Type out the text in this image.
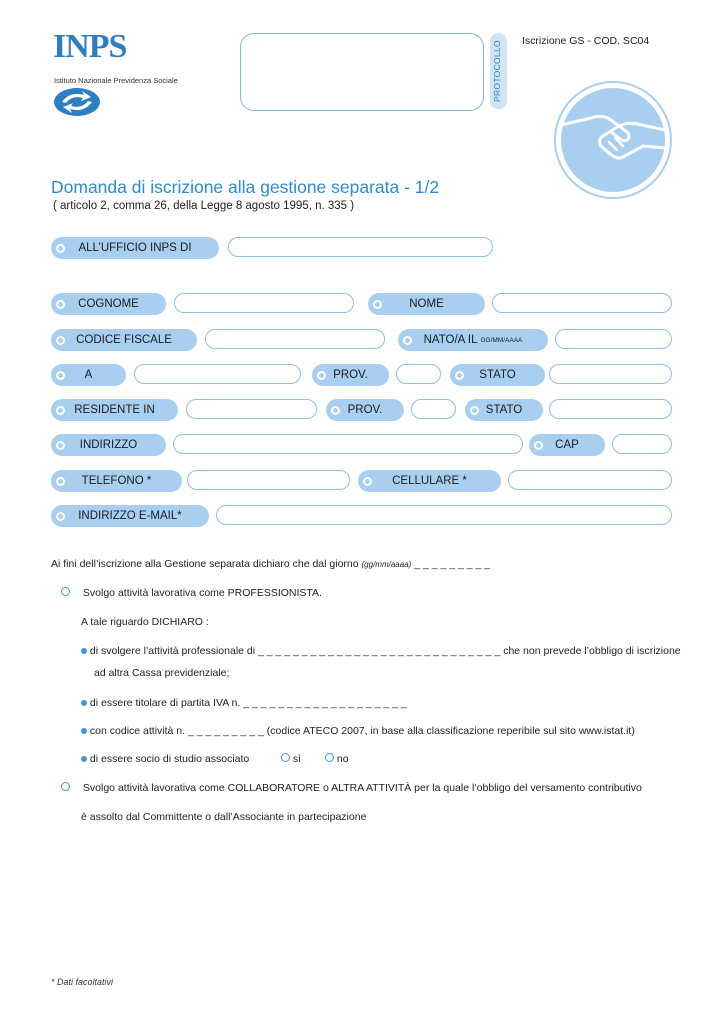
INPS
Istituto Nazionale Previdenza Sociale	PROTOCOLLO	Iscrizione GS - COD. SC04
Domanda di iscrizione alla gestione separata - 1/2
( articolo 2, comma 26, della Legge 8 agosto 1995, n. 335 )
ALL’UFFICIO INPS DI
COGNOME	NOME
CODICE FISCALE	NATO/A IL GG/MM/AAAA
A	PROV.	STATO
RESIDENTE IN	PROV.	STATO
INDIRIZZO	CAP
TELEFONO *	CELLULARE *
INDIRIZZO E-MAIL*
Ai fini dell’iscrizione alla Gestione separata dichiaro che dal giorno (gg/mm/aaaa) _ _ _ _ _ _ _ _ _
Svolgo attività lavorativa come PROFESSIONISTA.
A tale riguardo DICHIARO :
di svolgere l’attività professionale di _ _ _ _ _ _ _ _ _ _ _ _ _ _ _ _ _ _ _ _ _ _ _ _ _ _ _ _ che non prevede l’obbligo di iscrizione
ad altra Cassa previdenziale;
di essere titolare di partita IVA n. _ _ _ _ _ _ _ _ _ _ _ _ _ _ _ _ _ _ _
con codice attività n. _ _ _ _ _ _ _ _ _ (codice ATECO 2007, in base alla classificazione reperibile sul sito www.istat.it)
di essere socio di studio associato	sì	no
Svolgo attività lavorativa come COLLABORATORE o ALTRA ATTIVITÀ per la quale l’obbligo del versamento contributivo
è assolto dal Committente o dall’Associante in partecipazione
* Dati facoltativi
